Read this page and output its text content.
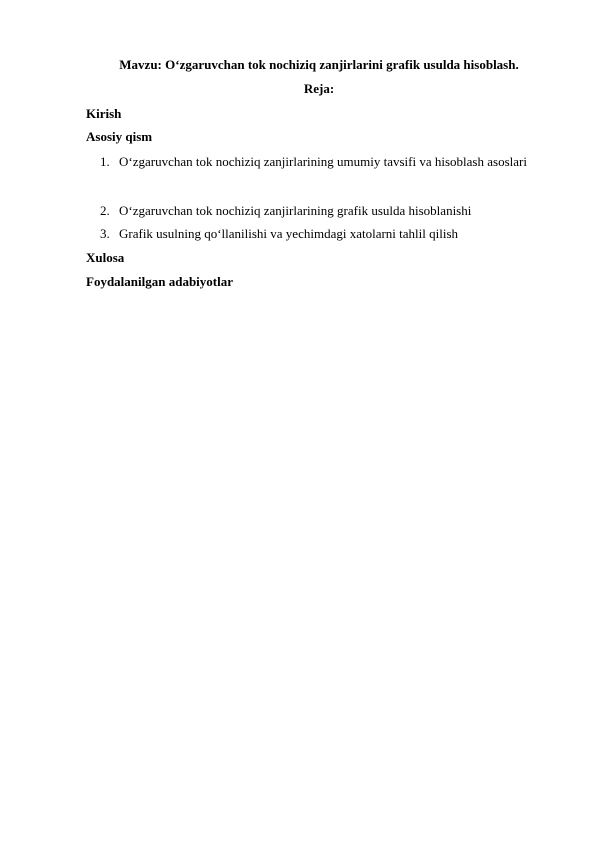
Mavzu: O‘zgaruvchan tok nochiziq zanjirlarini grafik usulda hisoblash.
Reja:
Kirish
Asosiy qism
1. O‘zgaruvchan tok nochiziq zanjirlarining umumiy tavsifi va hisoblash asoslari
2. O‘zgaruvchan tok nochiziq zanjirlarining grafik usulda hisoblanishi
3. Grafik usulning qo‘llanilishi va yechimdagi xatolarni tahlil qilish
Xulosa
Foydalanilgan adabiyotlar
